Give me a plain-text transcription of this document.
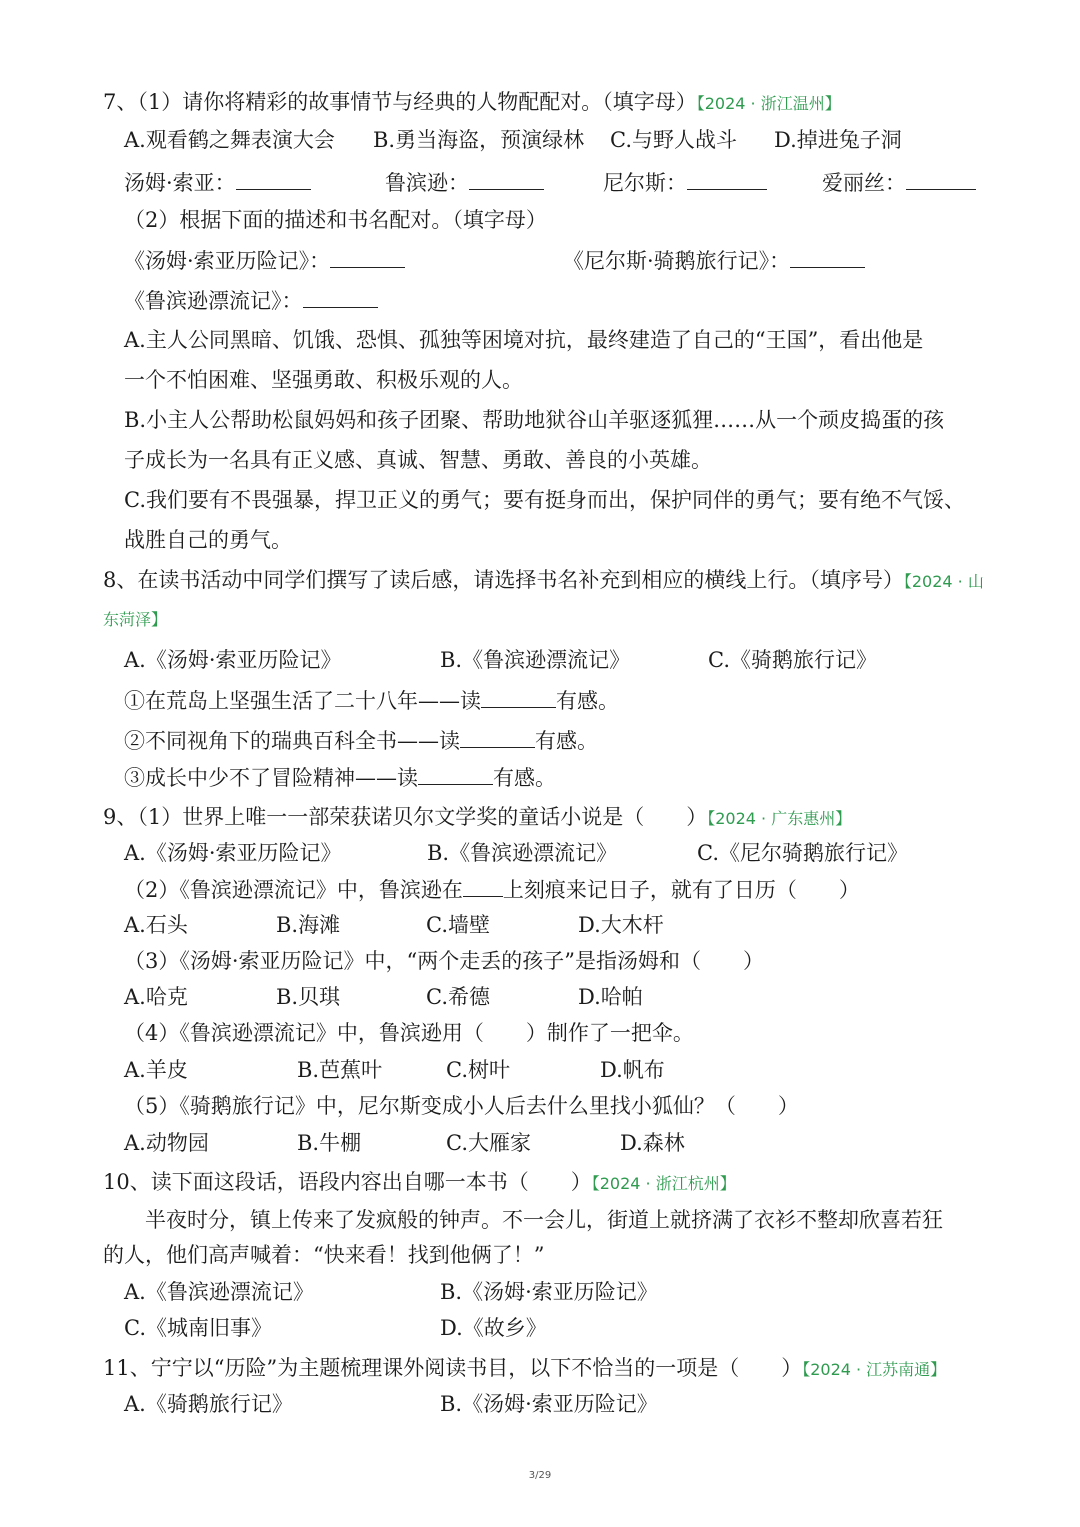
7、（1）请你将精彩的故事情节与经典的人物配配对。（填字母）【2024 · 浙江温州】
A.观看鹤之舞表演大会 B.勇当海盗，预演绿林 C.与野人战斗 D.掉进兔子洞
汤姆·索亚：	鲁滨逊：	尼尔斯：	爱丽丝：
（2）根据下面的描述和书名配对。（填字母）
《汤姆·索亚历险记》：	《尼尔斯·骑鹅旅行记》：
《鲁滨逊漂流记》：
A.主人公同黑暗、饥饿、恐惧、孤独等困境对抗，最终建造了自己的“王国”，看出他是
一个不怕困难、坚强勇敢、积极乐观的人。
B.小主人公帮助松鼠妈妈和孩子团聚、帮助地狱谷山羊驱逐狐狸……从一个顽皮捣蛋的孩
子成长为一名具有正义感、真诚、智慧、勇敢、善良的小英雄。
C.我们要有不畏强暴，捍卫正义的勇气；要有挺身而出，保护同伴的勇气；要有绝不气馁、
战胜自己的勇气。
8、在读书活动中同学们撰写了读后感，请选择书名补充到相应的横线上行。（填序号）【2024 · 山
东菏泽】
A.《汤姆·索亚历险记》	B.《鲁滨逊漂流记》	C.《骑鹅旅行记》
①在荒岛上坚强生活了二十八年——读	有感。
②不同视角下的瑞典百科全书——读	有感。
③成长中少不了冒险精神——读	有感。
9、（1）世界上唯一一部荣获诺贝尔文学奖的童话小说是（　　）【2024 · 广东惠州】
A.《汤姆·索亚历险记》	B.《鲁滨逊漂流记》	C.《尼尔骑鹅旅行记》
（2）《鲁滨逊漂流记》中，鲁滨逊在 上刻痕来记日子，就有了日历（　　）
A.石头	B.海滩	C.墙壁	D.大木杆
（3）《汤姆·索亚历险记》中，“两个走丢的孩子”是指汤姆和（　　）
A.哈克	B.贝琪	C.希德	D.哈帕
（4）《鲁滨逊漂流记》中，鲁滨逊用（　　）制作了一把伞。
A.羊皮	B.芭蕉叶	C.树叶	D.帆布
（5）《骑鹅旅行记》中，尼尔斯变成小人后去什么里找小狐仙？（　　）
A.动物园	B.牛棚	C.大雁家	D.森林
10、读下面这段话，语段内容出自哪一本书（　　）【2024 · 浙江杭州】
半夜时分，镇上传来了发疯般的钟声。不一会儿，街道上就挤满了衣衫不整却欣喜若狂
的人，他们高声喊着：“快来看！找到他俩了！”
A.《鲁滨逊漂流记》	B.《汤姆·索亚历险记》
C.《城南旧事》	D.《故乡》
11、宁宁以“历险”为主题梳理课外阅读书目，以下不恰当的一项是（　　）【2024 · 江苏南通】
A.《骑鹅旅行记》	B.《汤姆·索亚历险记》
3/29
